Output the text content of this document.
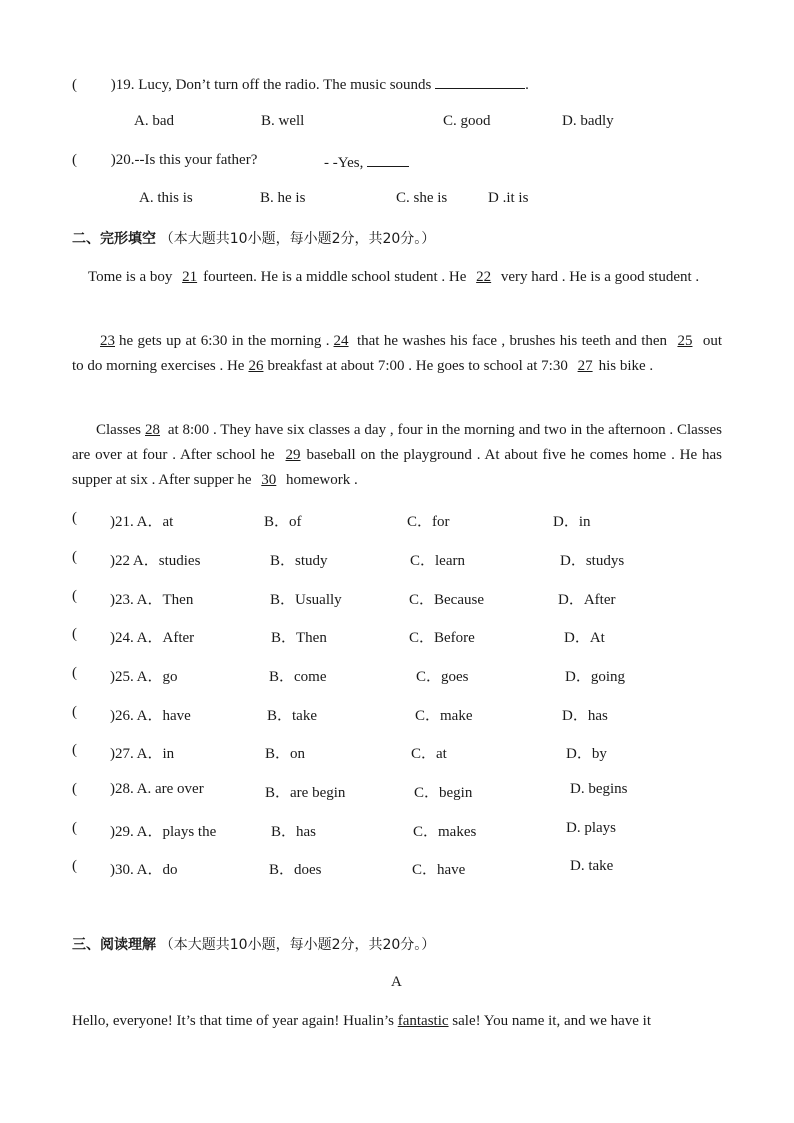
( )19. Lucy, Don’t turn off the radio. The music sounds	.
A. bad	B. well	C. good	D. badly
( )20.--Is this your father?	- -Yes,
A. this is	B. he is	C. she is	D .it is
二、完形填空 （本大题共10小题，每小题2分，共20分。）
Tome is a boy 21 fourteen. He is a middle school student . He 22 very hard . He is a good student .
23 he gets up at 6:30 in the morning . 24 that he washes his face , brushes his teeth and then 25 out to do morning exercises . He 26 breakfast at about 7:00 . He goes to school at 7:30 27 his bike .
Classes 28 at 8:00 . They have six classes a day , four in the morning and two in the afternoon . Classes are over at four . After school he 29 baseball on the playground . At about five he comes home . He has supper at six . After supper he 30 homework .
( )21. A．at	B．of	C．for	D．in
( )22 A．studies	B．study	C．learn	D．studys
( )23. A．Then	B．Usually	C．Because	D．After
( )24. A．After	B．Then	C．Before	D．At
( )25. A．go	B．come	C．goes	D．going
( )26. A．have	B．take	C．make	D．has
( )27. A．in	B．on	C．at	D．by
( )28. A. are over	B．are begin	C．begin	D. begins
( )29. A．plays the	B．has	C．makes	D. plays
( )30. A．do	B．does	C．have	D. take
三、阅读理解 （本大题共10小题，每小题2分，共20分。）
A
Hello, everyone! It’s that time of year again! Hualin’s fantastic sale! You name it, and we have it
